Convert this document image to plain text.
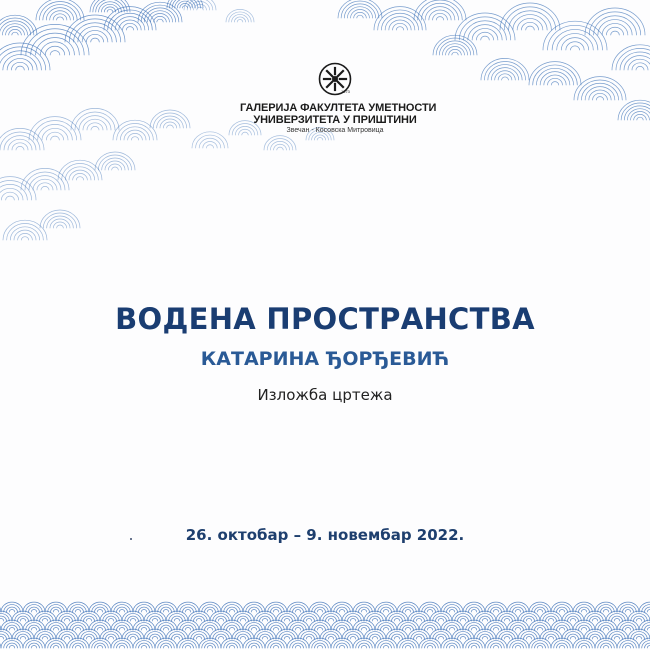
1973
ГАЛЕРИЈА ФАКУЛТЕТА УМЕТНОСТИ
УНИВЕРЗИТЕТА У ПРИШТИНИ
Звечан - Косовска Митровица
ВОДЕНА ПРОСТРАНСТВА
КАТАРИНА ЂОРЂЕВИЋ
Изложба цртежа
26. октобар – 9. новембар 2022.
